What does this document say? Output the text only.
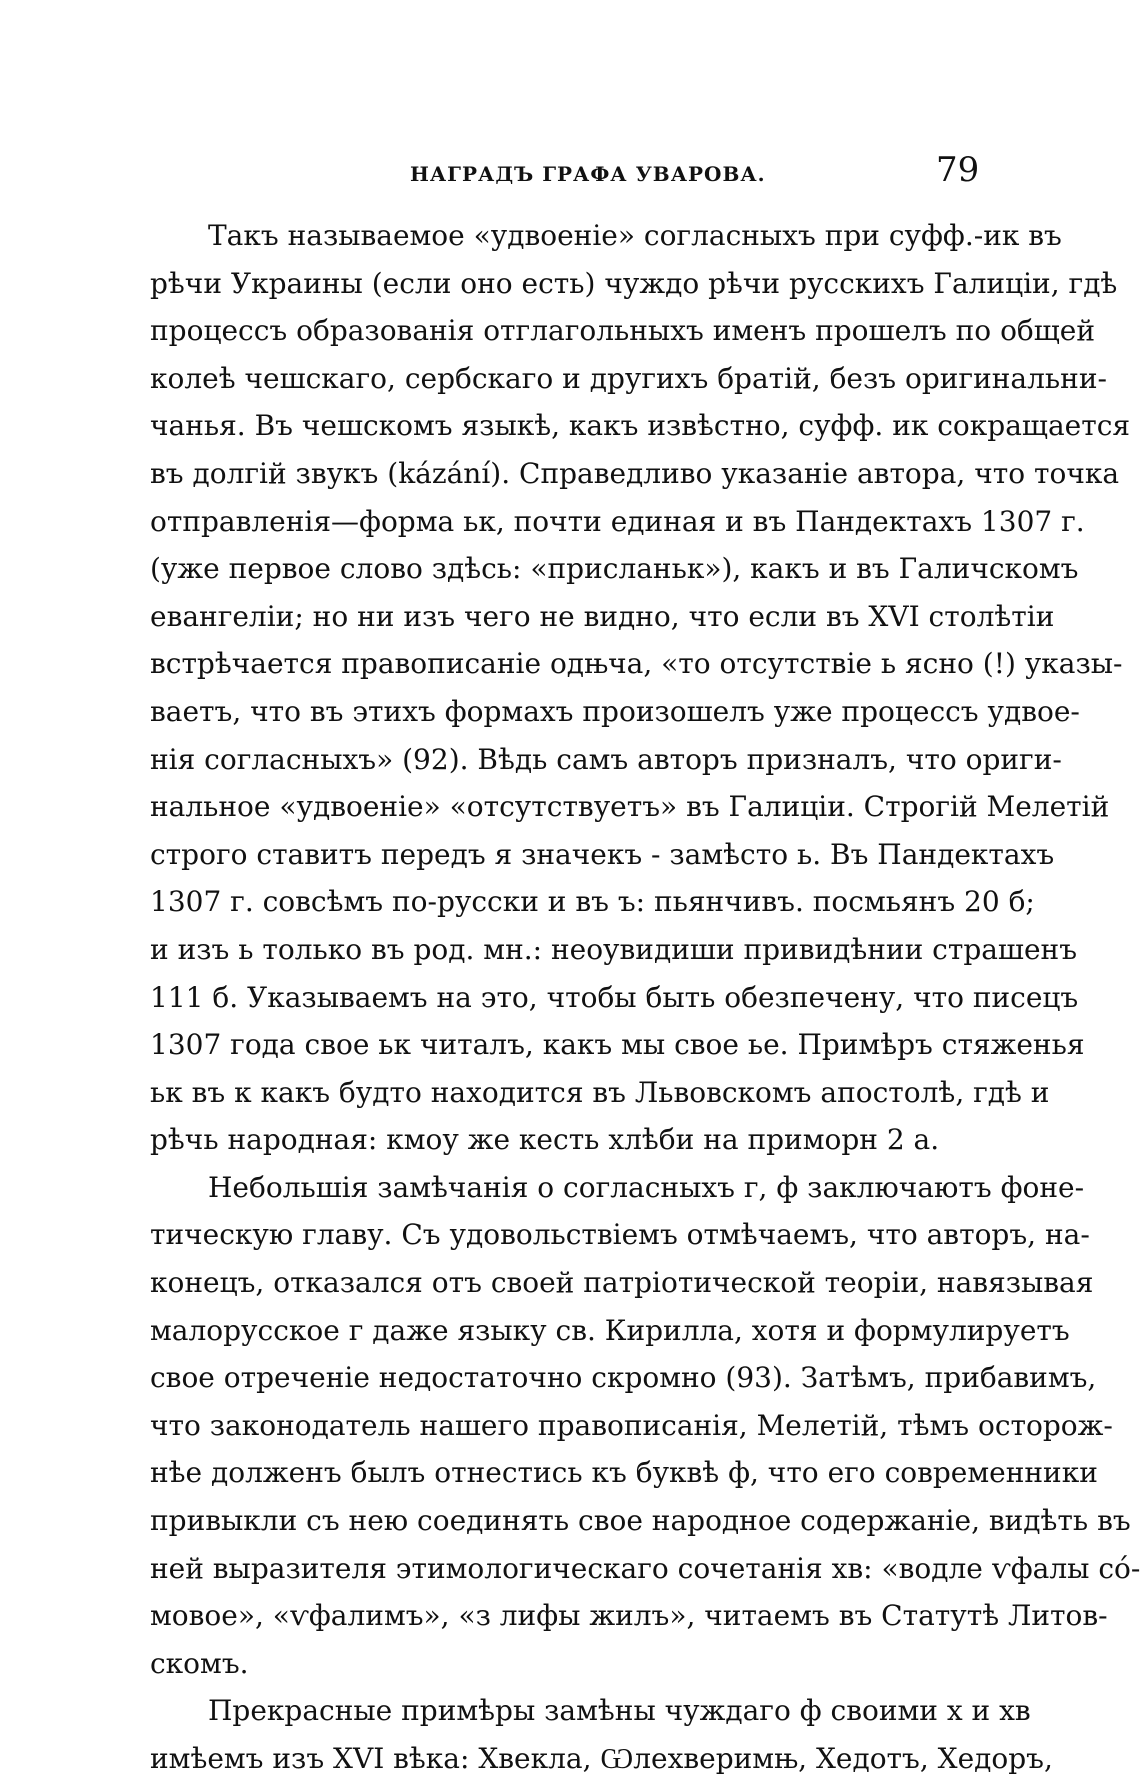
НАГРАДЪ ГРАФА УВАРОВА.	79
Такъ называемое «удвоеніе» согласныхъ при суфф.-ик въ
рѣчи Украины (если оно есть) чуждо рѣчи русскихъ Галиціи, гдѣ
процессъ образованія отглагольныхъ именъ прошелъ по общей
колеѣ чешскаго, сербскаго и другихъ братій, безъ оригинальни-
чанья. Въ чешскомъ языкѣ, какъ извѣстно, суфф. ик сокращается
въ долгій звукъ (kázání). Справедливо указаніе автора, что точка
отправленія—форма ьк, почти единая и въ Пандектахъ 1307 г.
(уже первое слово здѣсь: «присланьк»), какъ и въ Галичскомъ
евангеліи; но ни изъ чего не видно, что если въ XVI столѣтіи
встрѣчается правописаніе одњча, «то отсутствіе ь ясно (!) указы-
ваетъ, что въ этихъ формахъ произошелъ уже процессъ удвое-
нія согласныхъ» (92). Вѣдь самъ авторъ призналъ, что ориги-
нальное «удвоеніе» «отсутствуетъ» въ Галиціи. Строгій Мелетій
строго ставитъ передъ я значекъ - замѣсто ь. Въ Пандектахъ
1307 г. совсѣмъ по-русски и въ ъ: пьянчивъ. посмьянъ 20 б;
и изъ ь только въ род. мн.: неоувидиши привидѣнии страшенъ
111 б. Указываемъ на это, чтобы быть обезпечену, что писецъ
1307 года свое ьк читалъ, какъ мы свое ье. Примѣръ стяженья
ьк въ к какъ будто находится въ Львовскомъ апостолѣ, гдѣ и
рѣчь народная: кмоу же кесть хлѣби на приморн 2 а.
Небольшія замѣчанія о согласныхъ г, ф заключаютъ фоне-
тическую главу. Съ удовольствіемъ отмѣчаемъ, что авторъ, на-
конецъ, отказался отъ своей патріотической теоріи, навязывая
малорусское г даже языку св. Кирилла, хотя и формулируетъ
свое отреченіе недостаточно скромно (93). Затѣмъ, прибавимъ,
что законодатель нашего правописанія, Мелетій, тѣмъ осторож-
нѣе долженъ былъ отнестись къ буквѣ ф, что его современники
привыкли съ нею соединять свое народное содержаніе, видѣть въ
ней выразителя этимологическаго сочетанія хв: «водле ѵфалы со́-
мовое», «ѵфалимъ», «з лифы жилъ», читаемъ въ Статутѣ Литов-
скомъ.
Прекрасные примѣры замѣны чуждаго ф своими х и хв
имѣемъ изъ XVI вѣка: Хвекла, Ѡлехверимњ, Хедотъ, Хедоръ,
